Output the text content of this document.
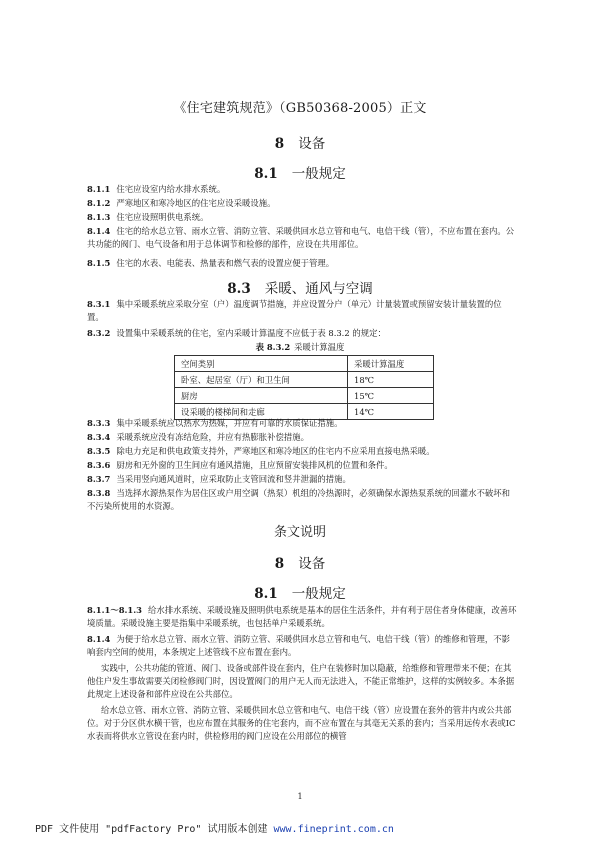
《住宅建筑规范》（GB50368-2005）正文
8 设备
8.1 一般规定
8.1.1 住宅应设室内给水排水系统。
8.1.2 严寒地区和寒冷地区的住宅应设采暖设施。
8.1.3 住宅应设照明供电系统。
8.1.4 住宅的给水总立管、雨水立管、消防立管、采暖供回水总立管和电气、电信干线（管），不应布置在套内。公共功能的阀门、电气设备和用于总体调节和检修的部件，应设在共用部位。
8.1.5 住宅的水表、电能表、热量表和燃气表的设置应便于管理。
8.3 采暖、通风与空调
8.3.1 集中采暖系统应采取分室（户）温度调节措施，并应设置分户（单元）计量装置或预留安装计量装置的位置。
8.3.2 设置集中采暖系统的住宅，室内采暖计算温度不应低于表 8.3.2 的规定：
表 8.3.2 采暖计算温度
空间类别	采暖计算温度
卧室、起居室（厅）和卫生间	18℃
厨房	15℃
设采暖的楼梯间和走廊	14℃
8.3.3 集中采暖系统应以热水为热媒，并应有可靠的水质保证措施。
8.3.4 采暖系统应没有冻结危险，并应有热膨胀补偿措施。
8.3.5 除电力充足和供电政策支持外，严寒地区和寒冷地区的住宅内不应采用直接电热采暖。
8.3.6 厨房和无外窗的卫生间应有通风措施，且应预留安装排风机的位置和条件。
8.3.7 当采用竖向通风道时，应采取防止支管回流和竖井泄漏的措施。
8.3.8 当选择水源热泵作为居住区或户用空调（热泵）机组的冷热源时，必须确保水源热泵系统的回灌水不破坏和不污染所使用的水资源。
条文说明
8 设备
8.1 一般规定
8.1.1～8.1.3 给水排水系统、采暖设施及照明供电系统是基本的居住生活条件，并有利于居住者身体健康，改善环境质量。采暖设施主要是指集中采暖系统，也包括单户采暖系统。
8.1.4 为便于给水总立管、雨水立管、消防立管、采暖供回水总立管和电气、电信干线（管）的维修和管理，不影响套内空间的使用，本条规定上述管线不应布置在套内。
实践中，公共功能的管道、阀门、设备或部件设在套内，住户在装修时加以隐蔽，给维修和管理带来不便；在其他住户发生事故需要关闭检修阀门时，因设置阀门的用户无人而无法进入，不能正常维护，这样的实例较多。本条据此规定上述设备和部件应设在公共部位。
给水总立管、雨水立管、消防立管、采暖供回水总立管和电气、电信干线（管）应设置在套外的管井内或公共部位。对于分区供水横干管，也应布置在其服务的住宅套内，而不应布置在与其毫无关系的套内；当采用远传水表或IC水表而将供水立管设在套内时，供检修用的阀门应设在公用部位的横管
1
PDF 文件使用 "pdfFactory Pro" 试用版本创建 www.fineprint.com.cn
